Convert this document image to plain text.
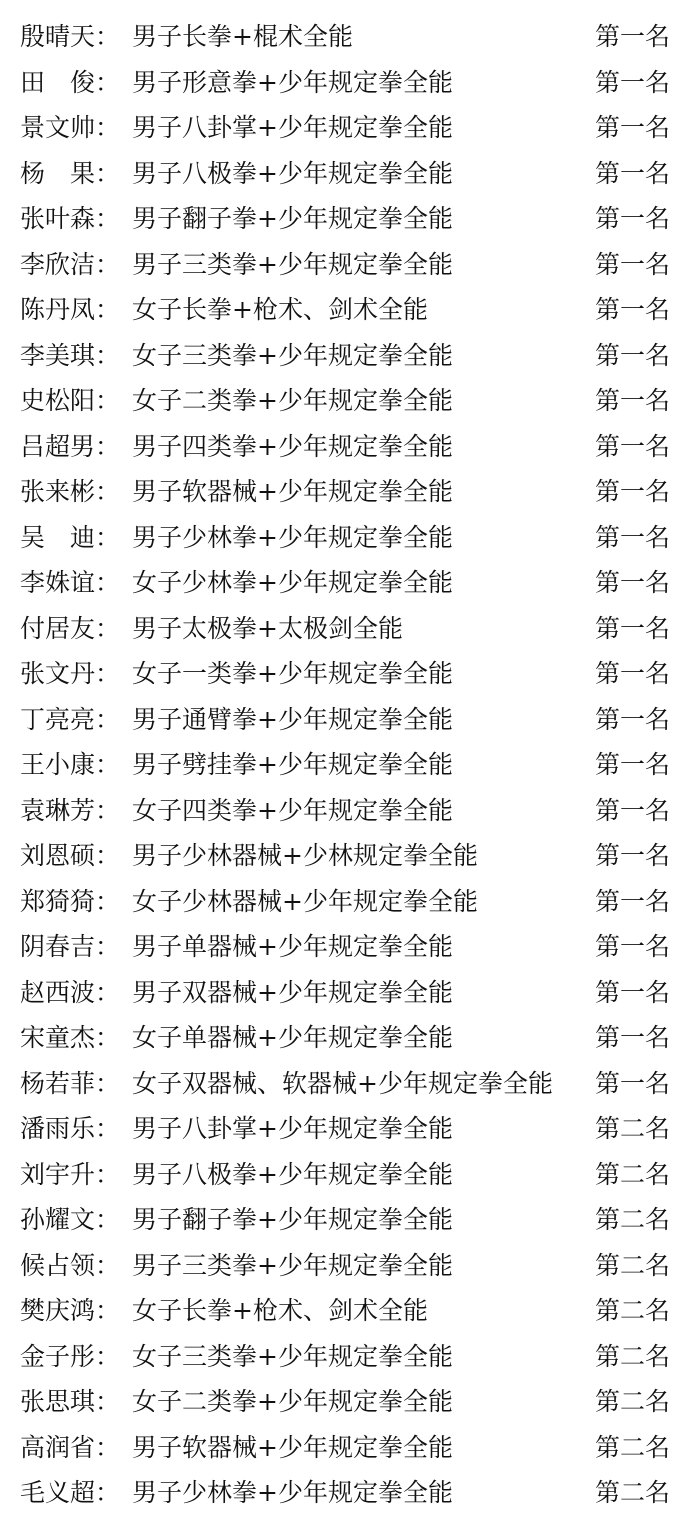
殷晴天： 男子长拳+棍术全能	第一名
田　俊： 男子形意拳+少年规定拳全能	第一名
景文帅： 男子八卦掌+少年规定拳全能	第一名
杨　果： 男子八极拳+少年规定拳全能	第一名
张叶森： 男子翻子拳+少年规定拳全能	第一名
李欣洁： 男子三类拳+少年规定拳全能	第一名
陈丹凤： 女子长拳+枪术、剑术全能	第一名
李美琪： 女子三类拳+少年规定拳全能	第一名
史松阳： 女子二类拳+少年规定拳全能	第一名
吕超男： 男子四类拳+少年规定拳全能	第一名
张来彬： 男子软器械+少年规定拳全能	第一名
吴　迪： 男子少林拳+少年规定拳全能	第一名
李姝谊： 女子少林拳+少年规定拳全能	第一名
付居友： 男子太极拳+太极剑全能	第一名
张文丹： 女子一类拳+少年规定拳全能	第一名
丁亮亮： 男子通臂拳+少年规定拳全能	第一名
王小康： 男子劈挂拳+少年规定拳全能	第一名
袁琳芳： 女子四类拳+少年规定拳全能	第一名
刘恩硕： 男子少林器械+少林规定拳全能	第一名
郑猗猗： 女子少林器械+少年规定拳全能	第一名
阴春吉： 男子单器械+少年规定拳全能	第一名
赵西波： 男子双器械+少年规定拳全能	第一名
宋童杰： 女子单器械+少年规定拳全能	第一名
杨若菲： 女子双器械、软器械+少年规定拳全能	第一名
潘雨乐： 男子八卦掌+少年规定拳全能	第二名
刘宇升： 男子八极拳+少年规定拳全能	第二名
孙耀文： 男子翻子拳+少年规定拳全能	第二名
候占领： 男子三类拳+少年规定拳全能	第二名
樊庆鸿： 女子长拳+枪术、剑术全能	第二名
金子彤： 女子三类拳+少年规定拳全能	第二名
张思琪： 女子二类拳+少年规定拳全能	第二名
高润省： 男子软器械+少年规定拳全能	第二名
毛义超： 男子少林拳+少年规定拳全能	第二名
